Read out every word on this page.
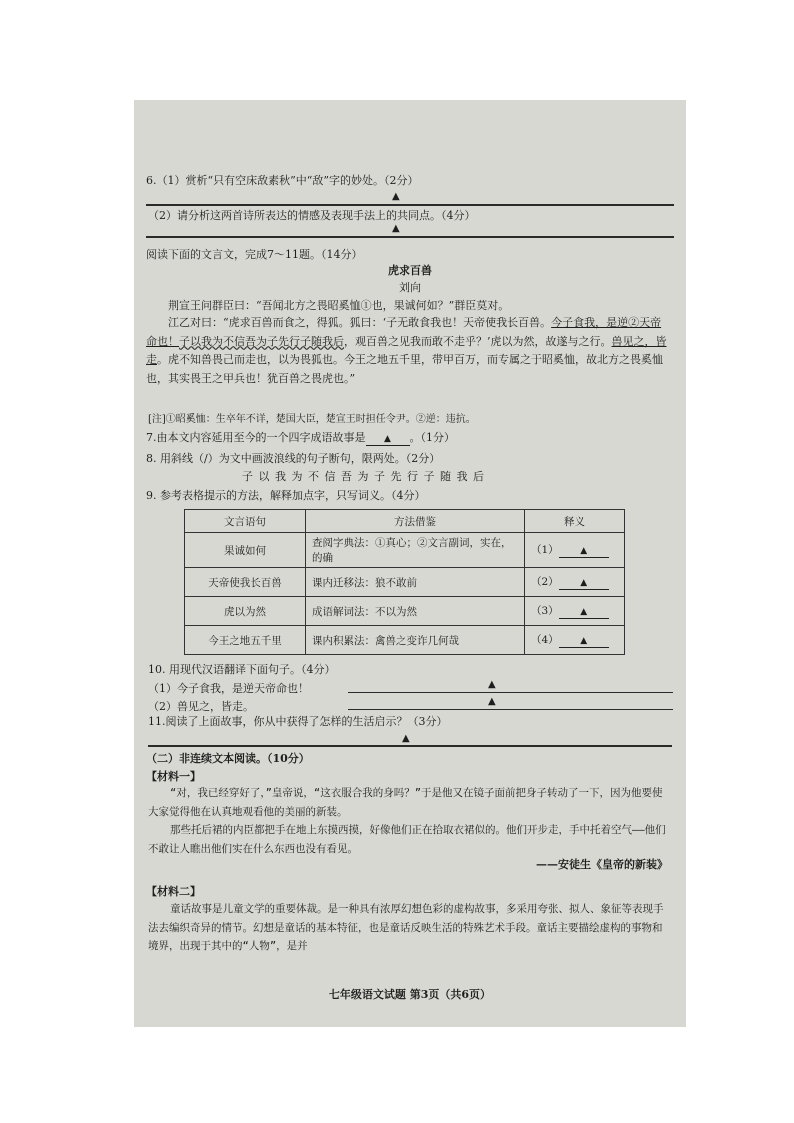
6.（1）赏析“只有空床敌素秋”中“敌”字的妙处。（2分）
▲
（2）请分析这两首诗所表达的情感及表现手法上的共同点。（4分）
▲
阅读下面的文言文，完成7～11题。（14分）
虎求百兽
刘向
荆宣王问群臣曰：“吾闻北方之畏昭奚恤①也，果诚何如？”群臣莫对。
江乙对曰：“虎求百兽而食之，得狐。狐曰：‘子无敢食我也！天帝使我长百兽。今子食我，是逆②天帝命也！子以我为不信吾为子先行子随我后，观百兽之见我而敢不走乎？’虎以为然，故遂与之行。兽见之，皆走。虎不知兽畏己而走也，以为畏狐也。今王之地五千里，带甲百万，而专属之于昭奚恤，故北方之畏奚恤也，其实畏王之甲兵也！犹百兽之畏虎也。”
[注]①昭奚恤：生卒年不详，楚国大臣，楚宣王时担任令尹。②逆：违抗。
7.由本文内容延用至今的一个四字成语故事是 ▲ 。（1分）
8. 用斜线（/）为文中画波浪线的句子断句，限两处。（2分）
子 以 我 为 不 信 吾 为 子 先 行 子 随 我 后
9. 参考表格提示的方法，解释加点字，只写词义。（4分）
文言语句	方法借鉴	释义
果诚如何	查阅字典法：①真心；②文言副词，实在，的确	（1） ▲
天帝使我长百兽	课内迁移法：狼不敢前	（2） ▲
虎以为然	成语解词法：不以为然	（3） ▲
今王之地五千里	课内积累法：禽兽之变诈几何哉	（4） ▲
10. 用现代汉语翻译下面句子。（4分）
（1）今子食我，是逆天帝命也！	▲
（2）兽见之，皆走。	▲
11.阅读了上面故事，你从中获得了怎样的生活启示？（3分）
▲
（二）非连续文本阅读。（10分）
【材料一】
“对，我已经穿好了，”皇帝说，“这衣服合我的身吗？”于是他又在镜子面前把身子转动了一下，因为他要使大家觉得他在认真地观看他的美丽的新装。
那些托后裙的内臣都把手在地上东摸西摸，好像他们正在拾取衣裙似的。他们开步走，手中托着空气——他们不敢让人瞧出他们实在什么东西也没有看见。
——安徒生《皇帝的新装》
【材料二】
童话故事是儿童文学的重要体裁。是一种具有浓厚幻想色彩的虚构故事，多采用夸张、拟人、象征等表现手法去编织奇异的情节。幻想是童话的基本特征，也是童话反映生活的特殊艺术手段。童话主要描绘虚构的事物和境界，出现于其中的“人物”，是并
七年级语文试题 第3页（共6页）
